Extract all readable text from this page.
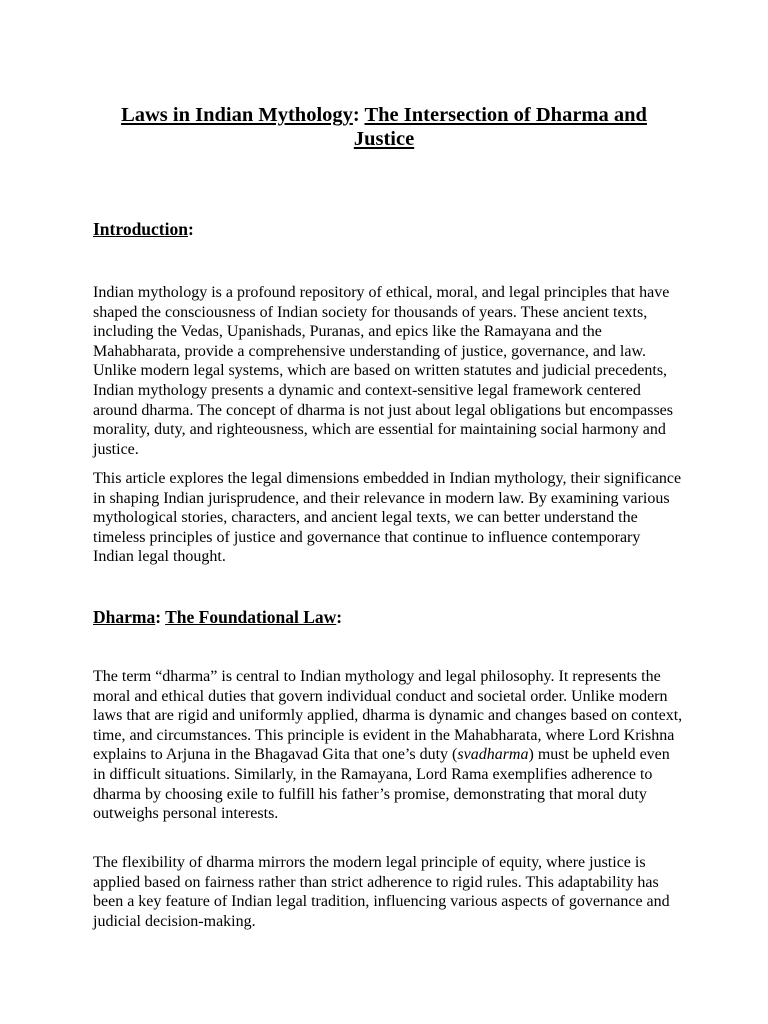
Laws in Indian Mythology: The Intersection of Dharma and Justice
Introduction:

Indian mythology is a profound repository of ethical, moral, and legal principles that have shaped the consciousness of Indian society for thousands of years. These ancient texts, including the Vedas, Upanishads, Puranas, and epics like the Ramayana and the Mahabharata, provide a comprehensive understanding of justice, governance, and law. Unlike modern legal systems, which are based on written statutes and judicial precedents, Indian mythology presents a dynamic and context-sensitive legal framework centered around dharma. The concept of dharma is not just about legal obligations but encompasses morality, duty, and righteousness, which are essential for maintaining social harmony and justice.

This article explores the legal dimensions embedded in Indian mythology, their significance in shaping Indian jurisprudence, and their relevance in modern law. By examining various mythological stories, characters, and ancient legal texts, we can better understand the timeless principles of justice and governance that continue to influence contemporary Indian legal thought.

Dharma: The Foundational Law:

The term “dharma” is central to Indian mythology and legal philosophy. It represents the moral and ethical duties that govern individual conduct and societal order. Unlike modern laws that are rigid and uniformly applied, dharma is dynamic and changes based on context, time, and circumstances. This principle is evident in the Mahabharata, where Lord Krishna explains to Arjuna in the Bhagavad Gita that one’s duty (svadharma) must be upheld even in difficult situations. Similarly, in the Ramayana, Lord Rama exemplifies adherence to dharma by choosing exile to fulfill his father’s promise, demonstrating that moral duty outweighs personal interests.

The flexibility of dharma mirrors the modern legal principle of equity, where justice is applied based on fairness rather than strict adherence to rigid rules. This adaptability has been a key feature of Indian legal tradition, influencing various aspects of governance and judicial decision-making.
